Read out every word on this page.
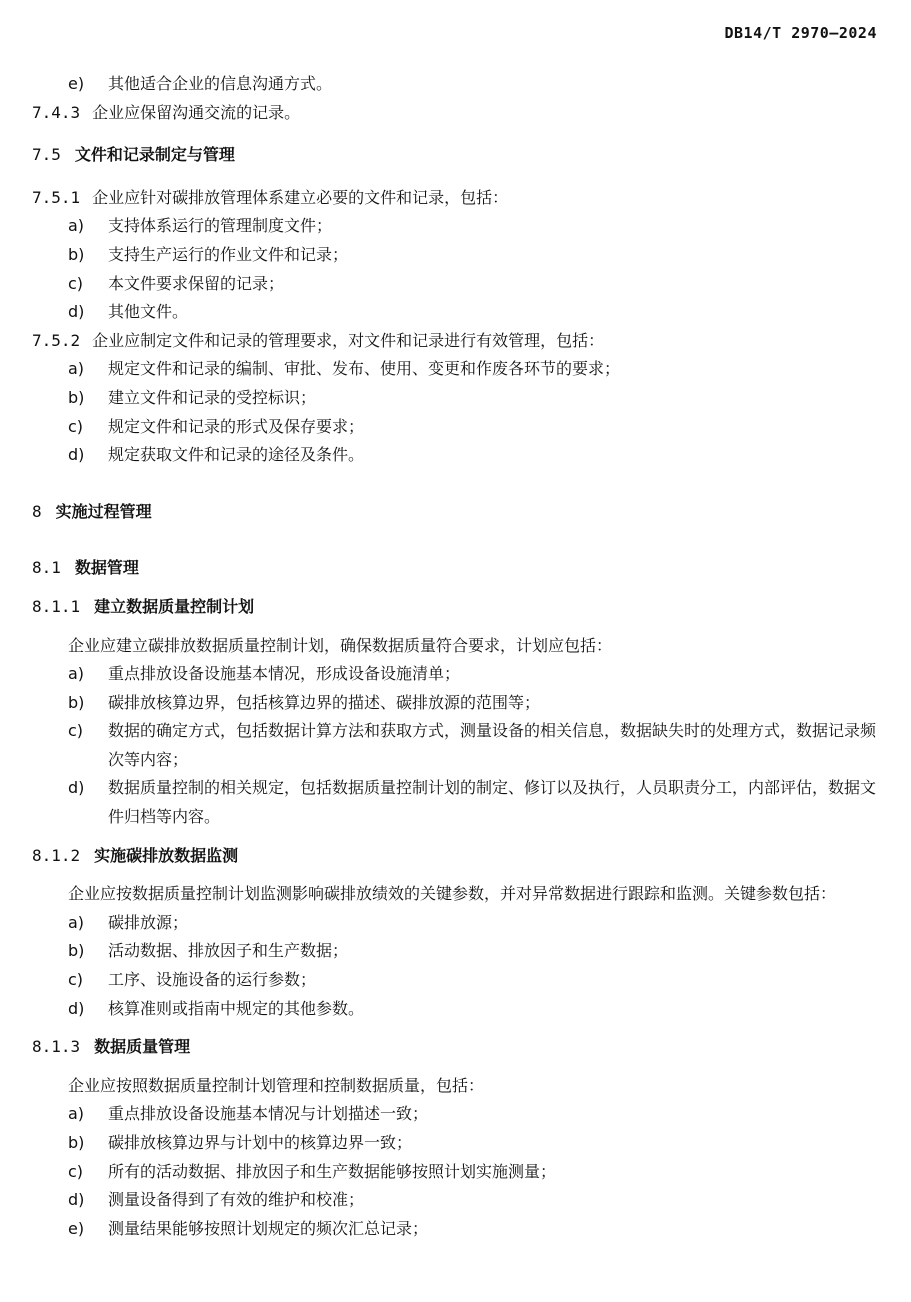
DB14/T 2970—2024
e)	其他适合企业的信息沟通方式。
7.4.3 企业应保留沟通交流的记录。
7.5 文件和记录制定与管理
7.5.1 企业应针对碳排放管理体系建立必要的文件和记录，包括：
a)	支持体系运行的管理制度文件；
b)	支持生产运行的作业文件和记录；
c)	本文件要求保留的记录；
d)	其他文件。
7.5.2 企业应制定文件和记录的管理要求，对文件和记录进行有效管理，包括：
a)	规定文件和记录的编制、审批、发布、使用、变更和作废各环节的要求；
b)	建立文件和记录的受控标识；
c)	规定文件和记录的形式及保存要求；
d)	规定获取文件和记录的途径及条件。
8 实施过程管理
8.1 数据管理
8.1.1 建立数据质量控制计划
企业应建立碳排放数据质量控制计划，确保数据质量符合要求，计划应包括：
a)	重点排放设备设施基本情况，形成设备设施清单；
b)	碳排放核算边界，包括核算边界的描述、碳排放源的范围等；
c)	数据的确定方式，包括数据计算方法和获取方式，测量设备的相关信息，数据缺失时的处理方式，数据记录频次等内容；
d)	数据质量控制的相关规定，包括数据质量控制计划的制定、修订以及执行，人员职责分工，内部评估，数据文件归档等内容。
8.1.2 实施碳排放数据监测
企业应按数据质量控制计划监测影响碳排放绩效的关键参数，并对异常数据进行跟踪和监测。关键参数包括：
a)	碳排放源；
b)	活动数据、排放因子和生产数据；
c)	工序、设施设备的运行参数；
d)	核算准则或指南中规定的其他参数。
8.1.3 数据质量管理
企业应按照数据质量控制计划管理和控制数据质量，包括：
a)	重点排放设备设施基本情况与计划描述一致；
b)	碳排放核算边界与计划中的核算边界一致；
c)	所有的活动数据、排放因子和生产数据能够按照计划实施测量；
d)	测量设备得到了有效的维护和校准；
e)	测量结果能够按照计划规定的频次汇总记录；
